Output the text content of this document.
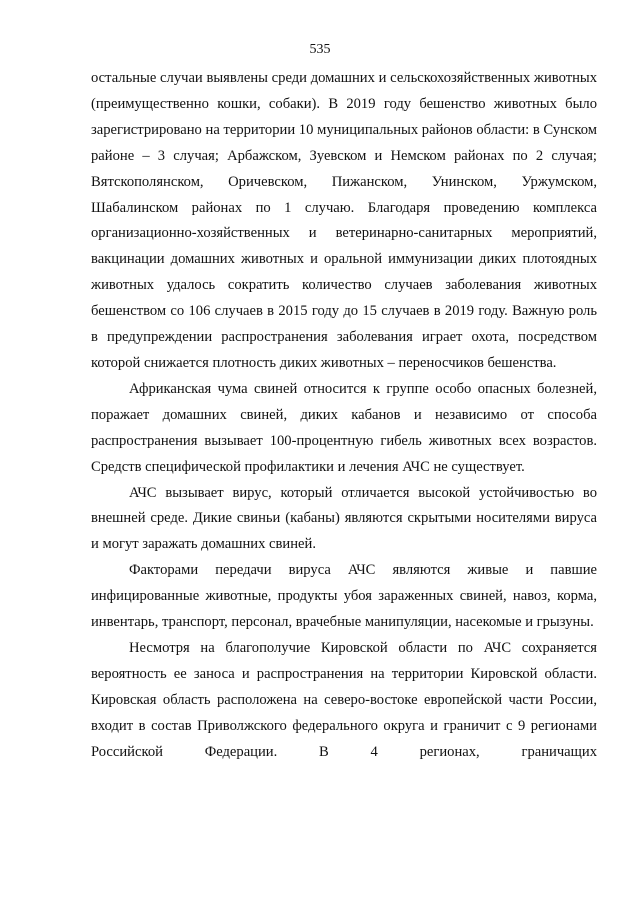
535

остальные случаи выявлены среди домашних и сельскохозяйственных животных (преимущественно кошки, собаки). В 2019 году бешенство животных было зарегистрировано на территории 10 муниципальных районов области: в Сунском районе – 3 случая; Арбажском, Зуевском и Немском районах по 2 случая; Вятскополянском, Оричевском, Пижанском, Унинском, Уржумском, Шабалинском районах по 1 случаю. Благодаря проведению комплекса организационно-хозяйственных и ветеринарно-санитарных мероприятий, вакцинации домашних животных и оральной иммунизации диких плотоядных животных удалось сократить количество случаев заболевания животных бешенством со 106 случаев в 2015 году до 15 случаев в 2019 году. Важную роль в предупреждении распространения заболевания играет охота, посредством которой снижается плотность диких животных – переносчиков бешенства.

Африканская чума свиней относится к группе особо опасных болезней, поражает домашних свиней, диких кабанов и независимо от способа распространения вызывает 100-процентную гибель животных всех возрастов. Средств специфической профилактики и лечения АЧС не существует.

АЧС вызывает вирус, который отличается высокой устойчивостью во внешней среде. Дикие свиньи (кабаны) являются скрытыми носителями вируса и могут заражать домашних свиней.

Факторами передачи вируса АЧС являются живые и павшие инфицированные животные, продукты убоя зараженных свиней, навоз, корма, инвентарь, транспорт, персонал, врачебные манипуляции, насекомые и грызуны.

Несмотря на благополучие Кировской области по АЧС сохраняется вероятность ее заноса и распространения на территории Кировской области. Кировская область расположена на северо-востоке европейской части России, входит в состав Приволжского федерального округа и граничит с 9 регионами Российской Федерации. В 4 регионах, граничащих
